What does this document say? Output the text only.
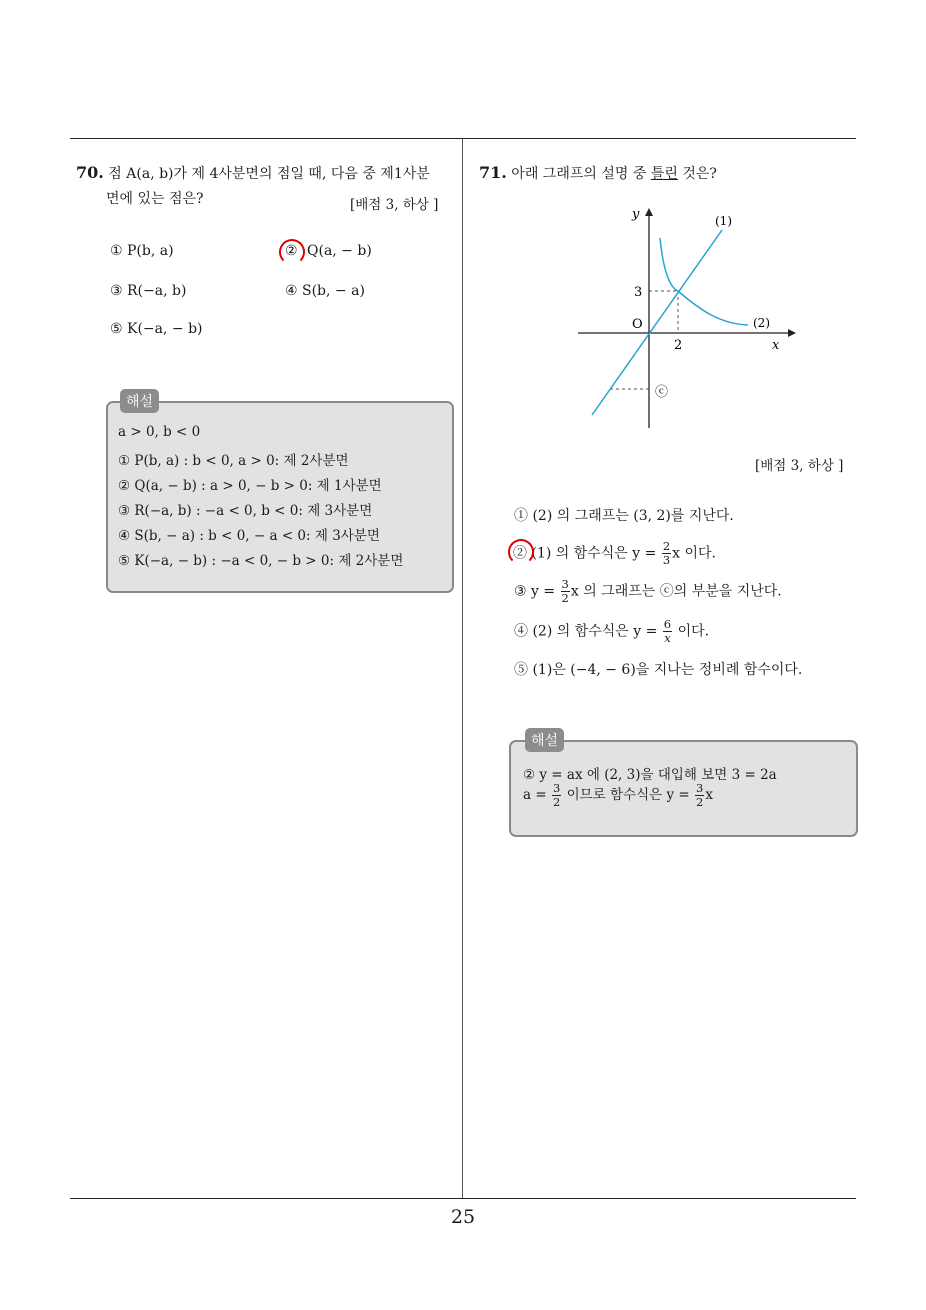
25
70. 점 A(a, b)가 제 4사분면의 점일 때, 다음 중 제1사분
면에 있는 점은?	[배점 3, 하상 ]
① P(b, a)	② Q(a, − b)
③ R(−a, b)	④ S(b, − a)
⑤ K(−a, − b)
해설
a > 0, b < 0
① P(b, a) : b < 0, a > 0: 제 2사분면
② Q(a, − b) : a > 0, − b > 0: 제 1사분면
③ R(−a, b) : −a < 0, b < 0: 제 3사분면
④ S(b, − a) : b < 0, − a < 0: 제 3사분면
⑤ K(−a, − b) : −a < 0, − b > 0: 제 2사분면
71. 아래 그래프의 설명 중 틀린 것은?
y
x
O
3
2
(1)
(2)
ⓒ
[배점 3, 하상 ]
① (2) 의 그래프는 (3, 2)를 지난다.
② (1) 의 함수식은 $y = \frac{2}{3}$ x 이다.
③ $y = \frac{3}{2}$ x 의 그래프는 ⓒ의 부분을 지난다.
④ (2) 의 함수식은 $y = \frac{6}{x}$ 이다.
⑤ (1)은 (−4, − 6)을 지나는 정비례 함수이다.
해설
② y = ax 에 (2, 3)을 대입해 보면 3 = 2a
$a = \frac{3}{2}$ 이므로 함수식은 $y = \frac{3}{2}$ x
